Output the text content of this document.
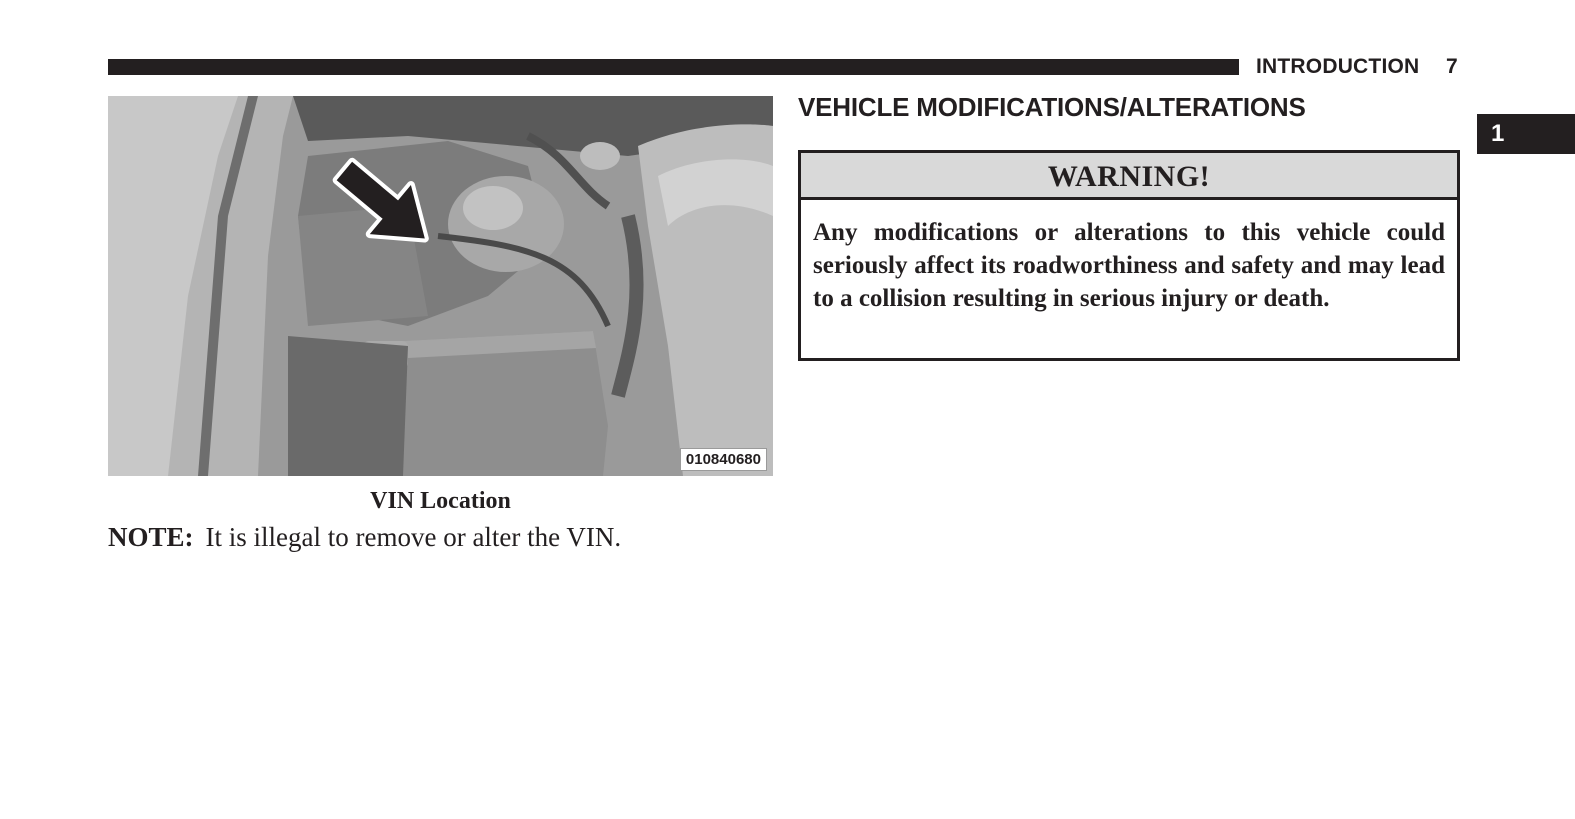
INTRODUCTION 7
1
010840680
VIN Location
NOTE: It is illegal to remove or alter the VIN.
VEHICLE MODIFICATIONS/ALTERATIONS
WARNING!
Any modifications or alterations to this vehicle could seriously affect its roadworthiness and safety and may lead to a collision resulting in serious injury or death.
